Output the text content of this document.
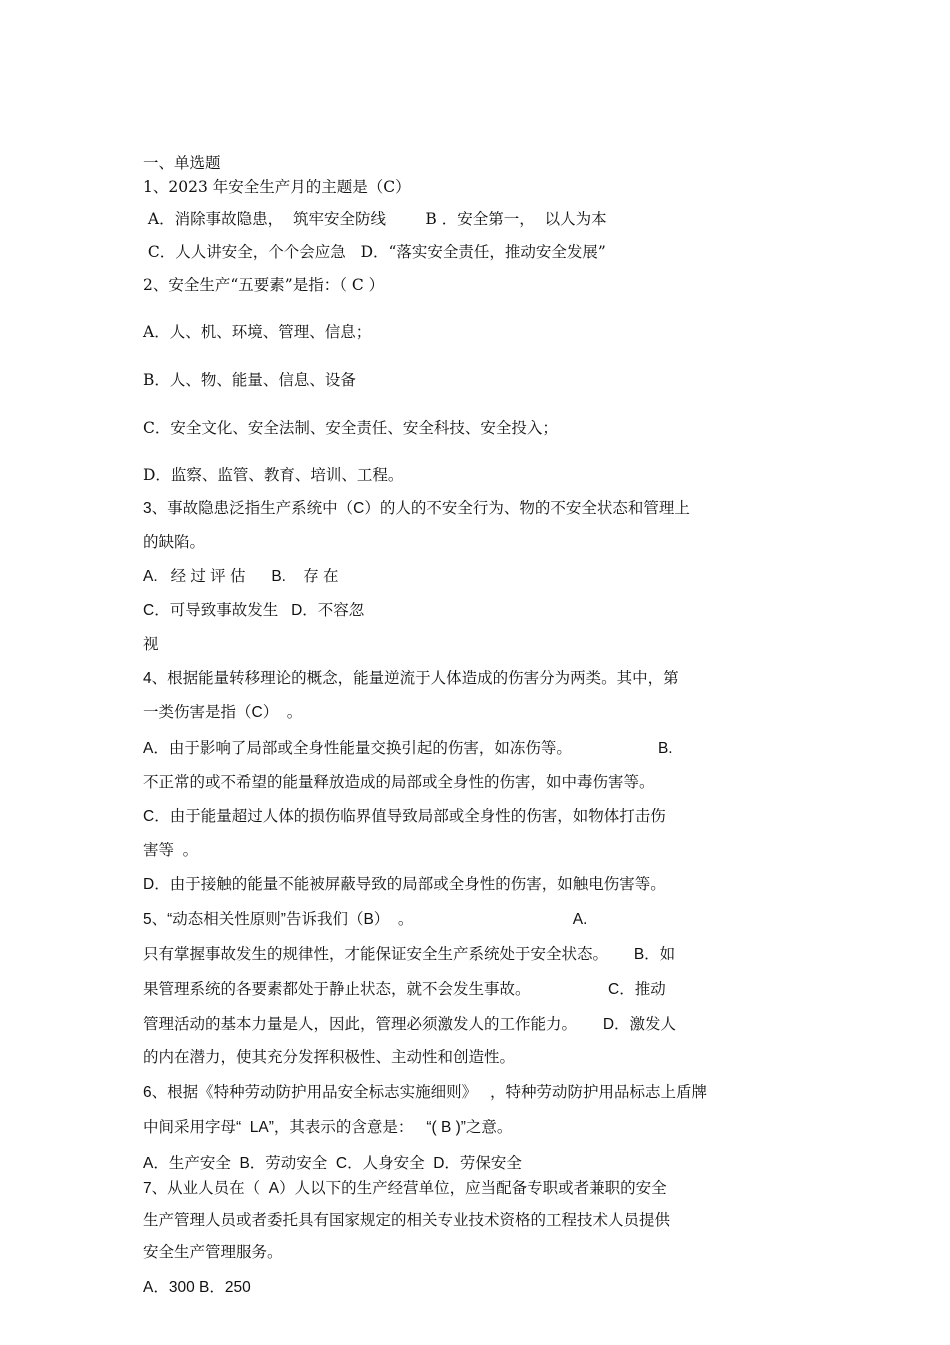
一、单选题
1、2023 年安全生产月的主题是（C）
A．消除事故隐患，  筑牢安全防线        B ．安全第一，  以人为本
C．人人讲安全，个个会应急   D．“落实安全责任，推动安全发展”
2、安全生产“五要素”是指：（ C ）
A．人、机、环境、管理、信息；
B．人、物、能量、信息、设备
C．安全文化、安全法制、安全责任、安全科技、安全投入；
D．监察、监管、教育、培训、工程。
3、事故隐患泛指生产系统中（C）的人的不安全行为、物的不安全状态和管理上
的缺陷。
A.   经 过 评 估      B.    存 在
C．可导致事故发生   D．不容忽
视
4、根据能量转移理论的概念，能量逆流于人体造成的伤害分为两类。其中，第
一类伤害是指（C）  。
A．由于影响了局部或全身性能量交换引起的伤害，如冻伤等。                    B.
不正常的或不希望的能量释放造成的局部或全身性的伤害，如中毒伤害等。
C．由于能量超过人体的损伤临界值导致局部或全身性的伤害，如物体打击伤
害等  。
D．由于接触的能量不能被屏蔽导致的局部或全身性的伤害，如触电伤害等。
5、“动态相关性原则”告诉我们（B）  。                                     A.
只有掌握事故发生的规律性，才能保证安全生产系统处于安全状态。      B．如
果管理系统的各要素都处于静止状态，就不会发生事故。                  C．推动
管理活动的基本力量是人，因此，管理必须激发人的工作能力。      D．激发人
的内在潜力，使其充分发挥积极性、主动性和创造性。
6、根据《特种劳动防护用品安全标志实施细则》   ，特种劳动防护用品标志上盾牌
中间采用字母“  LA”，其表示的含意是：   “( B )”之意。
A．生产安全  B．劳动安全  C．人身安全  D．劳保安全
7、从业人员在（  A）人以下的生产经营单位，应当配备专职或者兼职的安全
生产管理人员或者委托具有国家规定的相关专业技术资格的工程技术人员提供
安全生产管理服务。
A．300 B．250
